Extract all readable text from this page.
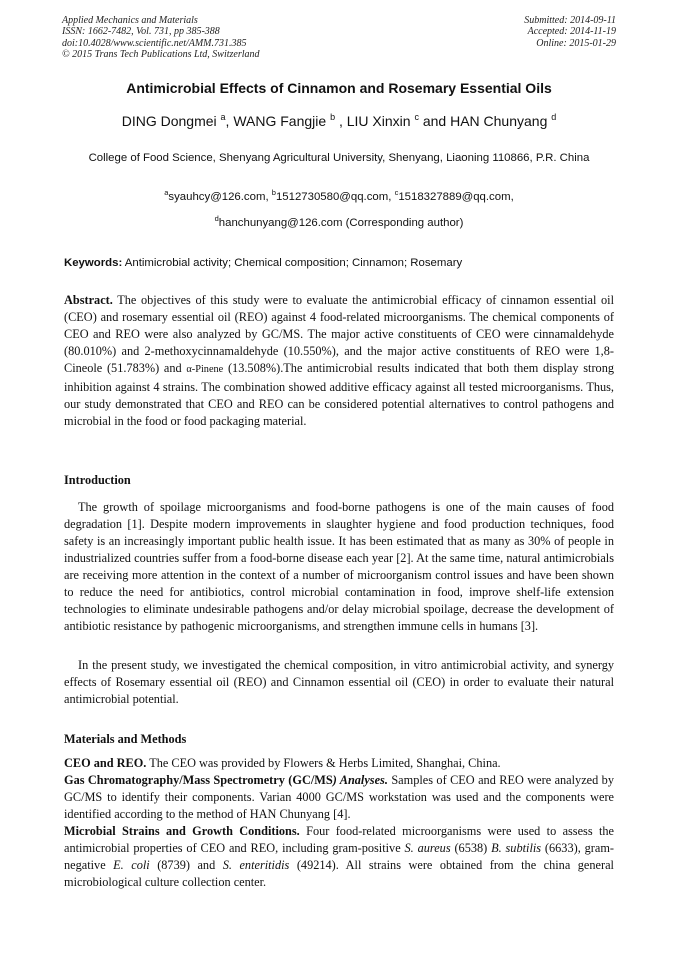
Applied Mechanics and Materials
ISSN: 1662-7482, Vol. 731, pp 385-388
doi:10.4028/www.scientific.net/AMM.731.385
© 2015 Trans Tech Publications Ltd, Switzerland
Submitted: 2014-09-11
Accepted: 2014-11-19
Online: 2015-01-29
Antimicrobial Effects of Cinnamon and Rosemary Essential Oils
DING Dongmei $^a$, WANG Fangjie $^b$ , LIU Xinxin $^c$ and HAN Chunyang $^d$
College of Food Science, Shenyang Agricultural University, Shenyang, Liaoning 110866, P.R. China
$^a$syauhcy@126.com, $^b$1512730580@qq.com, $^c$1518327889@qq.com,
$^d$hanchunyang@126.com (Corresponding author)
Keywords: Antimicrobial activity; Chemical composition; Cinnamon; Rosemary

Abstract. The objectives of this study were to evaluate the antimicrobial efficacy of cinnamon essential oil (CEO) and rosemary essential oil (REO) against 4 food-related microorganisms. The chemical components of CEO and REO were also analyzed by GC/MS. The major active constituents of CEO were cinnamaldehyde (80.010%) and 2-methoxycinnamaldehyde (10.550%), and the major active constituents of REO were 1,8-Cineole (51.783%) and α-Pinene (13.508%).The antimicrobial results indicated that both them display strong inhibition against 4 strains. The combination showed additive efficacy against all tested microorganisms. Thus, our study demonstrated that CEO and REO can be considered potential alternatives to control pathogens and microbial in the food or food packaging material.

Introduction

The growth of spoilage microorganisms and food-borne pathogens is one of the main causes of food degradation [1]. Despite modern improvements in slaughter hygiene and food production techniques, food safety is an increasingly important public health issue. It has been estimated that as many as 30% of people in industrialized countries suffer from a food-borne disease each year [2]. At the same time, natural antimicrobials are receiving more attention in the context of a number of microorganism control issues and have been shown to reduce the need for antibiotics, control microbial contamination in food, improve shelf-life extension technologies to eliminate undesirable pathogens and/or delay microbial spoilage, decrease the development of antibiotic resistance by pathogenic microorganisms, and strengthen immune cells in humans [3].

In the present study, we investigated the chemical composition, in vitro antimicrobial activity, and synergy effects of Rosemary essential oil (REO) and Cinnamon essential oil (CEO) in order to evaluate their natural antimicrobial potential.

Materials and Methods

CEO and REO. The CEO was provided by Flowers & Herbs Limited, Shanghai, China.

Gas Chromatography/Mass Spectrometry (GC/MS) Analyses. Samples of CEO and REO were analyzed by GC/MS to identify their components. Varian 4000 GC/MS workstation was used and the components were identified according to the method of HAN Chunyang [4].

Microbial Strains and Growth Conditions. Four food-related microorganisms were used to assess the antimicrobial properties of CEO and REO, including gram-positive S. aureus (6538) B. subtilis (6633), gram-negative E. coli (8739) and S. enteritidis (49214). All strains were obtained from the china general microbiological culture collection center.
